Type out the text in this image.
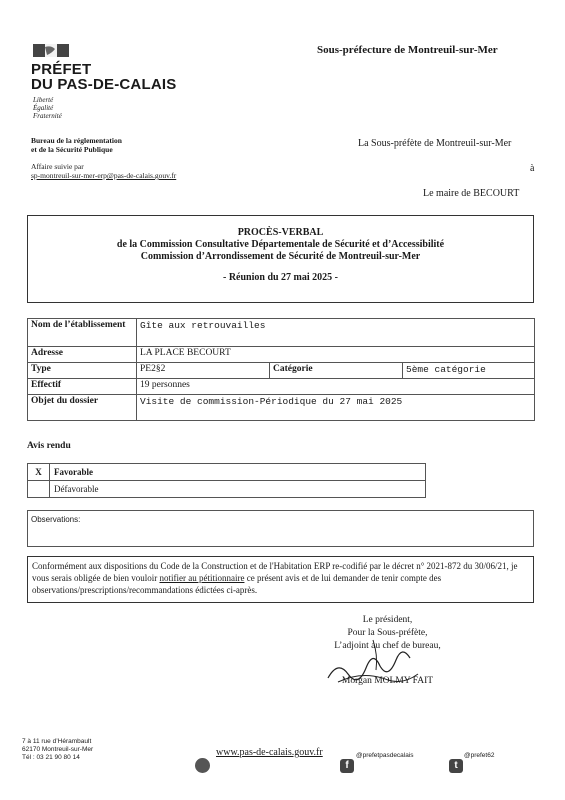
PRÉFET
DU PAS-DE-CALAIS
Liberté
Égalité
Fraternité
Sous-préfecture de Montreuil-sur-Mer
Bureau de la réglementation
et de la Sécurité Publique
Affaire suivie par
sp-montreuil-sur-mer-erp@pas-de-calais.gouv.fr
La Sous-préfète de Montreuil-sur-Mer
à
Le maire de BECOURT
PROCÈS-VERBAL
de la Commission Consultative Départementale de Sécurité et d’Accessibilité
Commission d’Arrondissement de Sécurité de Montreuil-sur-Mer
- Réunion du 27 mai 2025 -
Nom de l’établissement	Gîte aux retrouvailles		
Adresse	LA PLACE BECOURT		
Type	PE2§2	Catégorie	5ème catégorie
Effectif	19 personnes		
Objet du dossier	Visite de commission-Périodique du 27 mai 2025		
Avis rendu
X	Favorable
	Défavorable
Observations:
Conformément aux dispositions du Code de la Construction et de l'Habitation ERP re-codifié par le décret n° 2021-872 du 30/06/21, je vous serais obligée de bien vouloir notifier au pétitionnaire ce présent avis et de lui demander de tenir compte des observations/prescriptions/recommandations édictées ci-après.
Le président,
Pour la Sous-préfète,
L’adjoint au chef de bureau,
Morgan MOLMY FAIT
7 à 11 rue d’Hérambault
62170 Montreuil-sur-Mer
Tél : 03 21 90 80 14	www.pas-de-calais.gouv.fr
f
@prefetpasdecalais
t
@prefet62
